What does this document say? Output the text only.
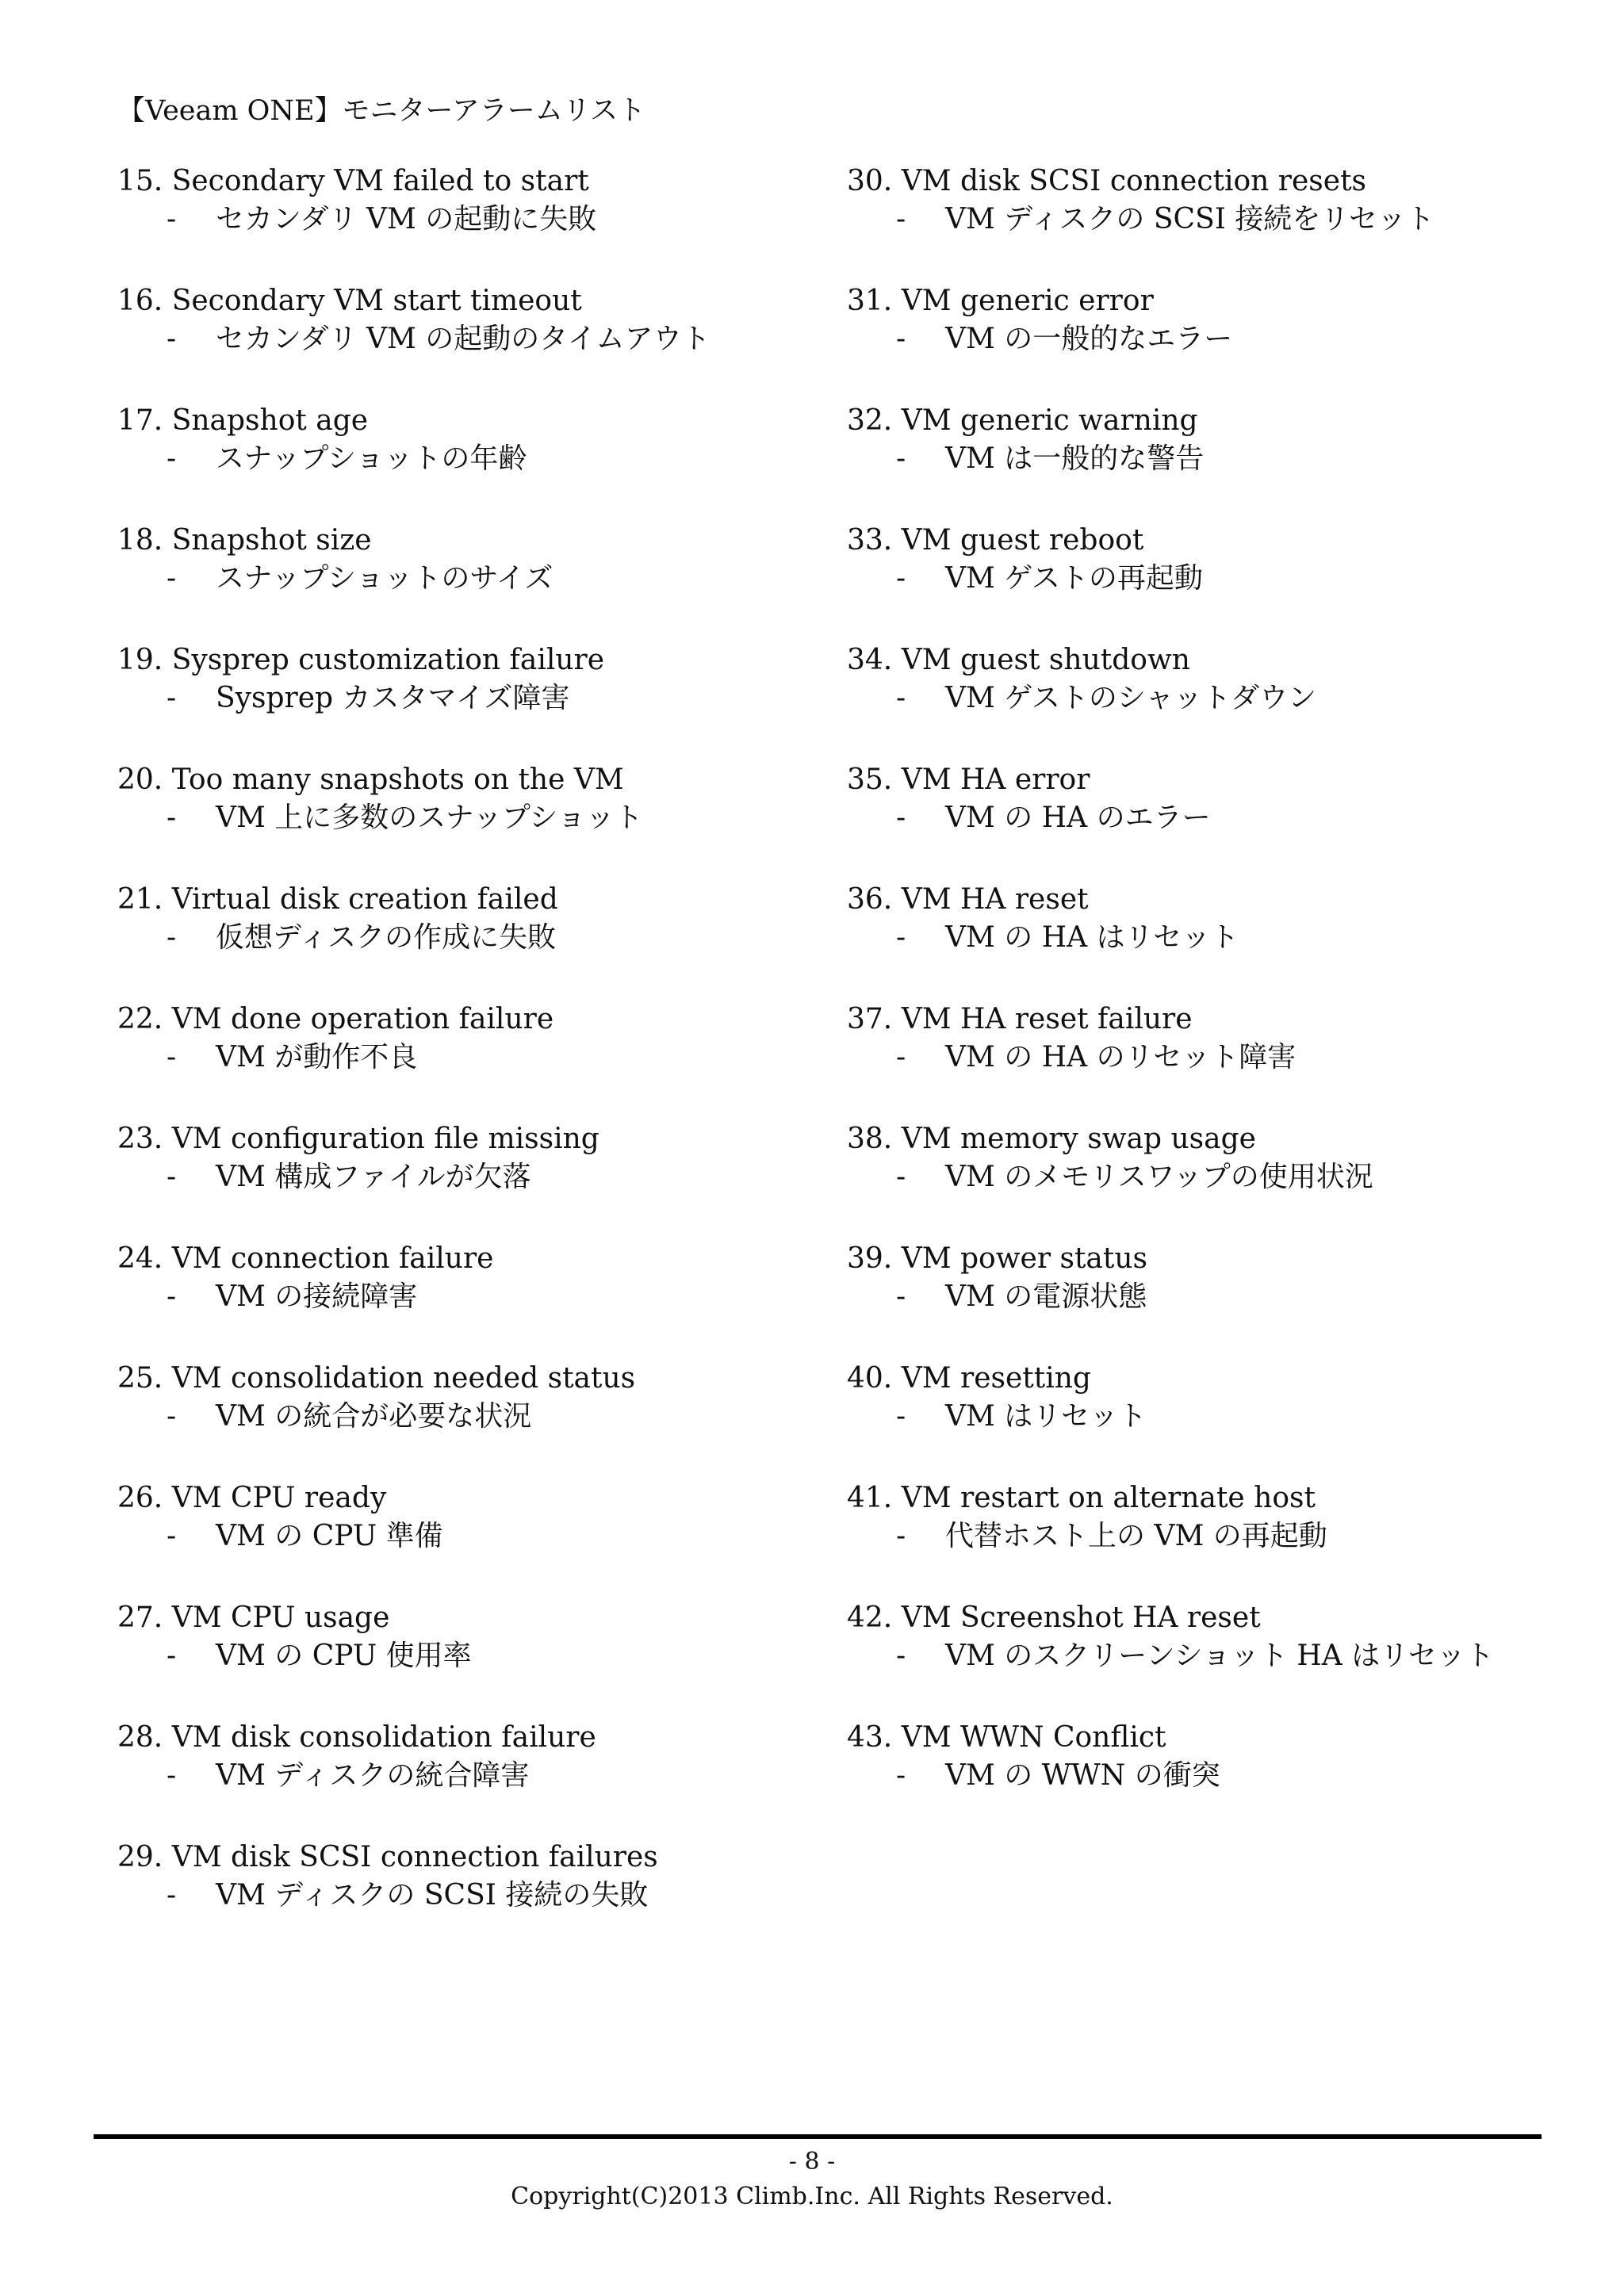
【Veeam ONE】モニターアラームリスト
15. Secondary VM failed to start
- セカンダリ VM の起動に失敗
16. Secondary VM start timeout
- セカンダリ VM の起動のタイムアウト
17. Snapshot age
- スナップショットの年齢
18. Snapshot size
- スナップショットのサイズ
19. Sysprep customization failure
- Sysprep カスタマイズ障害
20. Too many snapshots on the VM
- VM 上に多数のスナップショット
21. Virtual disk creation failed
- 仮想ディスクの作成に失敗
22. VM done operation failure
- VM が動作不良
23. VM configuration file missing
- VM 構成ファイルが欠落
24. VM connection failure
- VM の接続障害
25. VM consolidation needed status
- VM の統合が必要な状況
26. VM CPU ready
- VM の CPU 準備
27. VM CPU usage
- VM の CPU 使用率
28. VM disk consolidation failure
- VM ディスクの統合障害
29. VM disk SCSI connection failures
- VM ディスクの SCSI 接続の失敗
30. VM disk SCSI connection resets
- VM ディスクの SCSI 接続をリセット
31. VM generic error
- VM の一般的なエラー
32. VM generic warning
- VM は一般的な警告
33. VM guest reboot
- VM ゲストの再起動
34. VM guest shutdown
- VM ゲストのシャットダウン
35. VM HA error
- VM の HA のエラー
36. VM HA reset
- VM の HA はリセット
37. VM HA reset failure
- VM の HA のリセット障害
38. VM memory swap usage
- VM のメモリスワップの使用状況
39. VM power status
- VM の電源状態
40. VM resetting
- VM はリセット
41. VM restart on alternate host
- 代替ホスト上の VM の再起動
42. VM Screenshot HA reset
- VM のスクリーンショット HA はリセット
43. VM WWN Conflict
- VM の WWN の衝突
- 8 -
Copyright(C)2013 Climb.Inc. All Rights Reserved.
